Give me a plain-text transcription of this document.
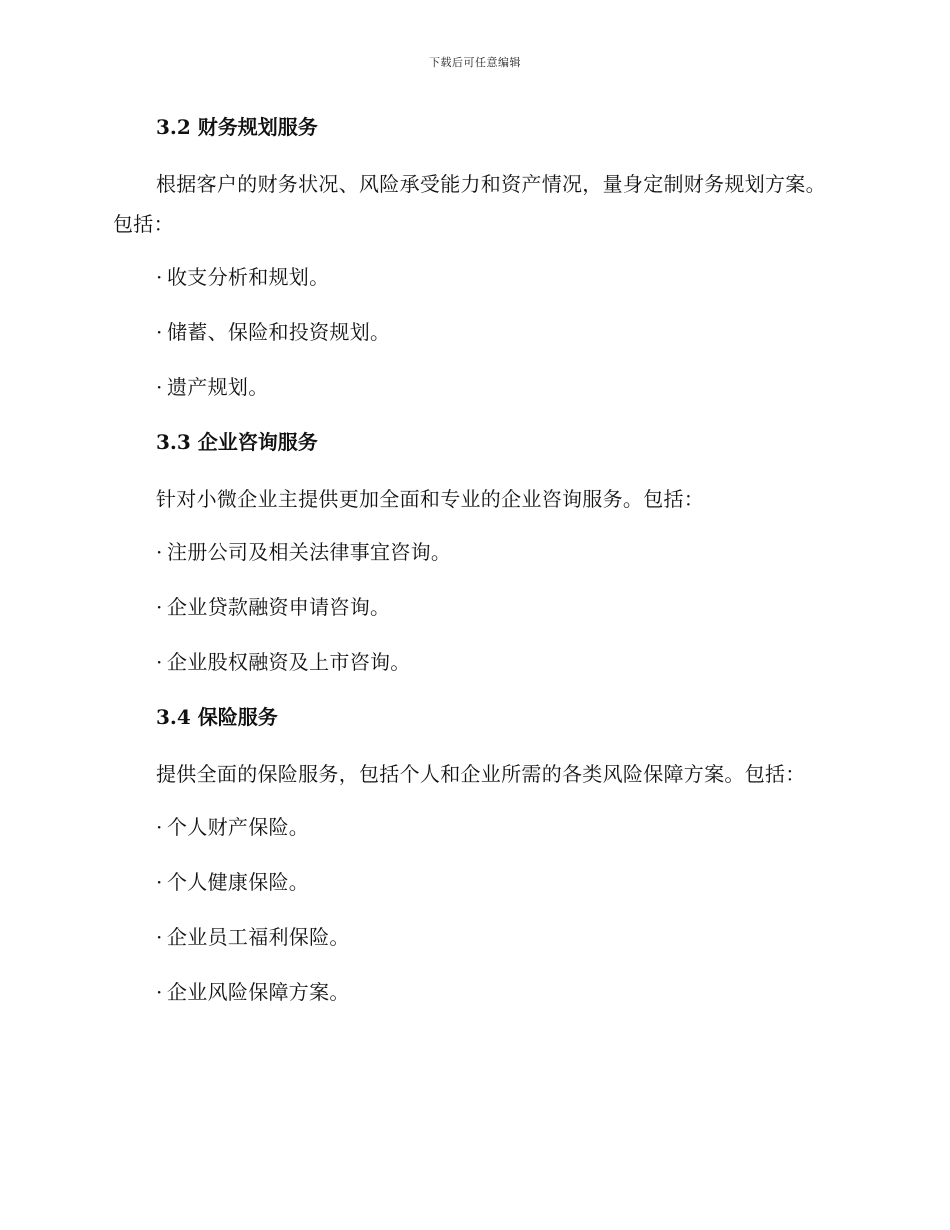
下载后可任意编辑
3.2 财务规划服务
根据客户的财务状况、风险承受能力和资产情况，量身定制财务规划方案。包括：
· 收支分析和规划。
· 储蓄、保险和投资规划。
· 遗产规划。
3.3 企业咨询服务
针对小微企业主提供更加全面和专业的企业咨询服务。包括：
· 注册公司及相关法律事宜咨询。
· 企业贷款融资申请咨询。
· 企业股权融资及上市咨询。
3.4 保险服务
提供全面的保险服务，包括个人和企业所需的各类风险保障方案。包括：
· 个人财产保险。
· 个人健康保险。
· 企业员工福利保险。
· 企业风险保障方案。
